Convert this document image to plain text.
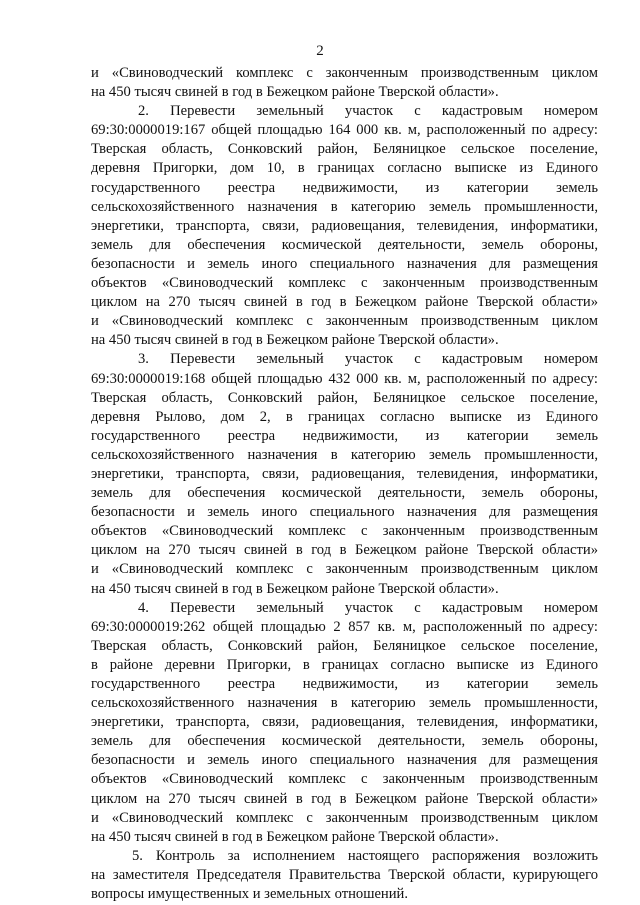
2
и «Свиноводческий комплекс с законченным производственным циклом
на 450 тысяч свиней в год в Бежецком районе Тверской области».
2. Перевести земельный участок с кадастровым номером
69:30:0000019:167 общей площадью 164 000 кв. м, расположенный по адресу:
Тверская область, Сонковский район, Беляницкое сельское поселение,
деревня Пригорки, дом 10, в границах согласно выписке из Единого
государственного реестра недвижимости, из категории земель
сельскохозяйственного назначения в категорию земель промышленности,
энергетики, транспорта, связи, радиовещания, телевидения, информатики,
земель для обеспечения космической деятельности, земель обороны,
безопасности и земель иного специального назначения для размещения
объектов «Свиноводческий комплекс с законченным производственным
циклом на 270 тысяч свиней в год в Бежецком районе Тверской области»
и «Свиноводческий комплекс с законченным производственным циклом
на 450 тысяч свиней в год в Бежецком районе Тверской области».
3. Перевести земельный участок с кадастровым номером
69:30:0000019:168 общей площадью 432 000 кв. м, расположенный по адресу:
Тверская область, Сонковский район, Беляницкое сельское поселение,
деревня Рылово, дом 2, в границах согласно выписке из Единого
государственного реестра недвижимости, из категории земель
сельскохозяйственного назначения в категорию земель промышленности,
энергетики, транспорта, связи, радиовещания, телевидения, информатики,
земель для обеспечения космической деятельности, земель обороны,
безопасности и земель иного специального назначения для размещения
объектов «Свиноводческий комплекс с законченным производственным
циклом на 270 тысяч свиней в год в Бежецком районе Тверской области»
и «Свиноводческий комплекс с законченным производственным циклом
на 450 тысяч свиней в год в Бежецком районе Тверской области».
4. Перевести земельный участок с кадастровым номером
69:30:0000019:262 общей площадью 2 857 кв. м, расположенный по адресу:
Тверская область, Сонковский район, Беляницкое сельское поселение,
в районе деревни Пригорки, в границах согласно выписке из Единого
государственного реестра недвижимости, из категории земель
сельскохозяйственного назначения в категорию земель промышленности,
энергетики, транспорта, связи, радиовещания, телевидения, информатики,
земель для обеспечения космической деятельности, земель обороны,
безопасности и земель иного специального назначения для размещения
объектов «Свиноводческий комплекс с законченным производственным
циклом на 270 тысяч свиней в год в Бежецком районе Тверской области»
и «Свиноводческий комплекс с законченным производственным циклом
на 450 тысяч свиней в год в Бежецком районе Тверской области».
5. Контроль за исполнением настоящего распоряжения возложить
на заместителя Председателя Правительства Тверской области, курирующего
вопросы имущественных и земельных отношений.
